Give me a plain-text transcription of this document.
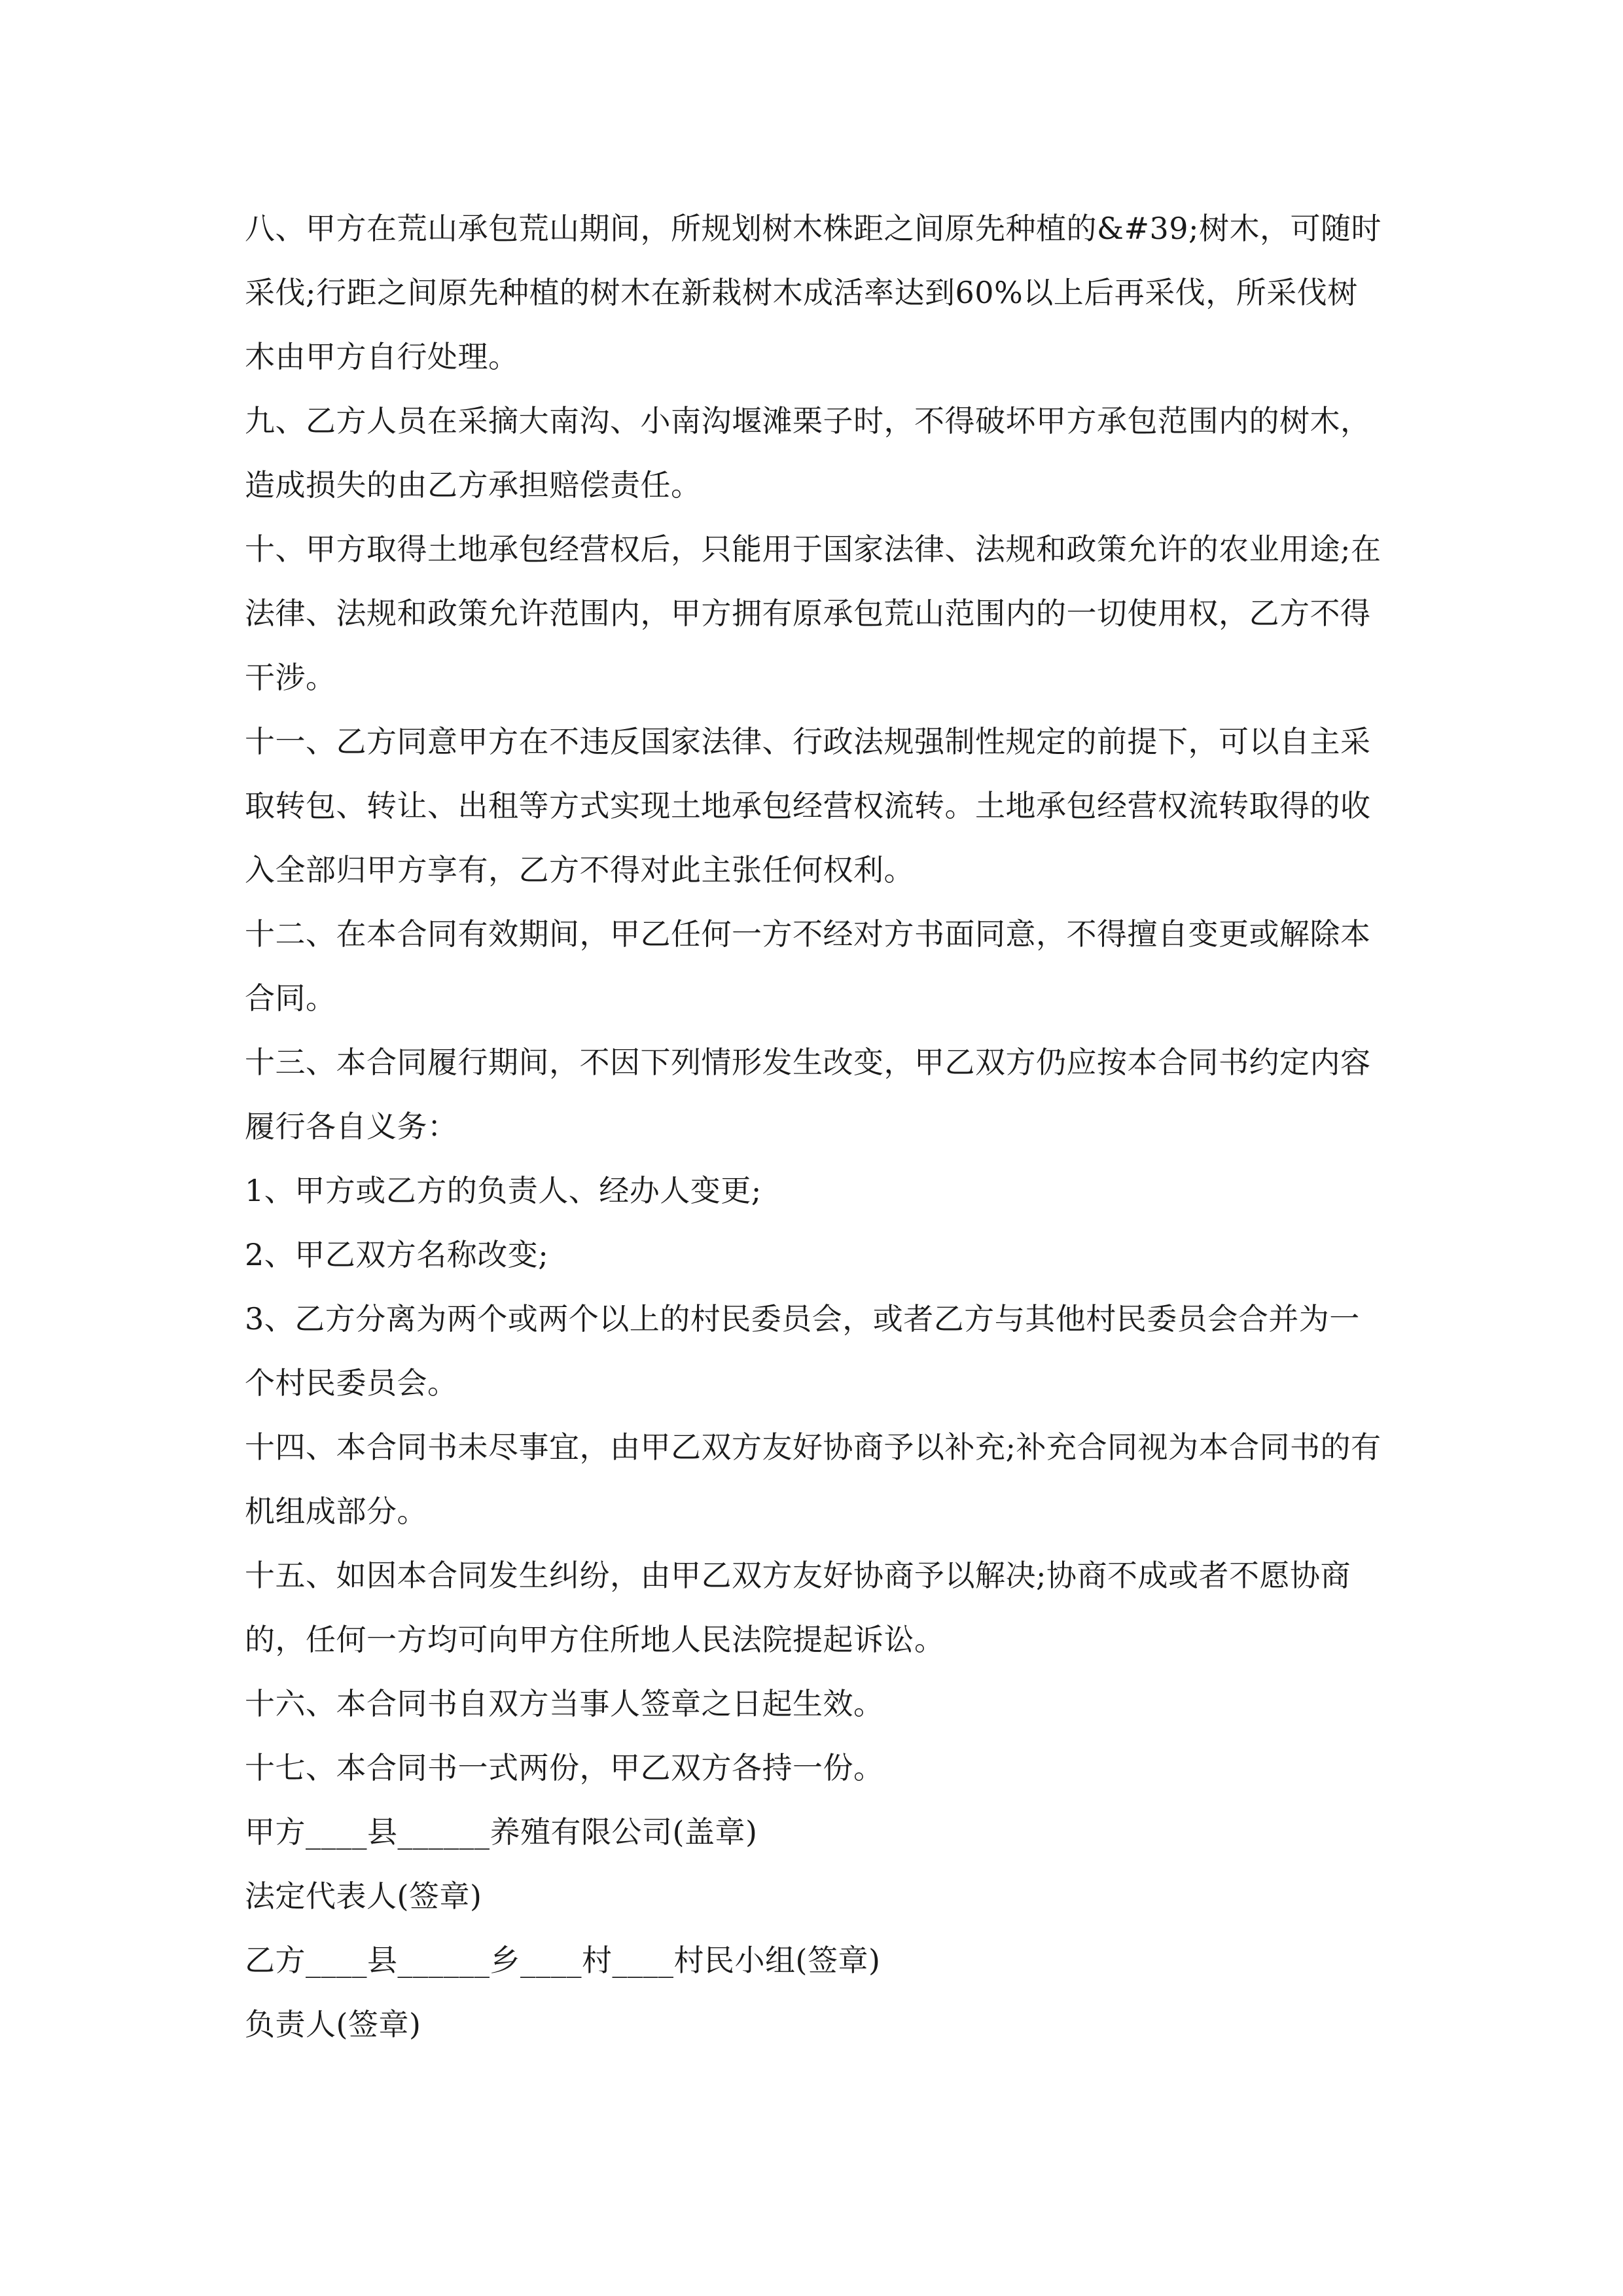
八、甲方在荒山承包荒山期间，所规划树木株距之间原先种植的&#39;树木，可随时采伐;行距之间原先种植的树木在新栽树木成活率达到60%以上后再采伐，所采伐树木由甲方自行处理。

九、乙方人员在采摘大南沟、小南沟堰滩栗子时，不得破坏甲方承包范围内的树木，造成损失的由乙方承担赔偿责任。

十、甲方取得土地承包经营权后，只能用于国家法律、法规和政策允许的农业用途;在法律、法规和政策允许范围内，甲方拥有原承包荒山范围内的一切使用权，乙方不得干涉。

十一、乙方同意甲方在不违反国家法律、行政法规强制性规定的前提下，可以自主采取转包、转让、出租等方式实现土地承包经营权流转。土地承包经营权流转取得的收入全部归甲方享有，乙方不得对此主张任何权利。

十二、在本合同有效期间，甲乙任何一方不经对方书面同意，不得擅自变更或解除本合同。

十三、本合同履行期间，不因下列情形发生改变，甲乙双方仍应按本合同书约定内容履行各自义务：

1、甲方或乙方的负责人、经办人变更;

2、甲乙双方名称改变;

3、乙方分离为两个或两个以上的村民委员会，或者乙方与其他村民委员会合并为一个村民委员会。

十四、本合同书未尽事宜，由甲乙双方友好协商予以补充;补充合同视为本合同书的有机组成部分。

十五、如因本合同发生纠纷，由甲乙双方友好协商予以解决;协商不成或者不愿协商的，任何一方均可向甲方住所地人民法院提起诉讼。

十六、本合同书自双方当事人签章之日起生效。

十七、本合同书一式两份，甲乙双方各持一份。

甲方____县______养殖有限公司(盖章)

法定代表人(签章)

乙方____县______乡____村____村民小组(签章)

负责人(签章)
